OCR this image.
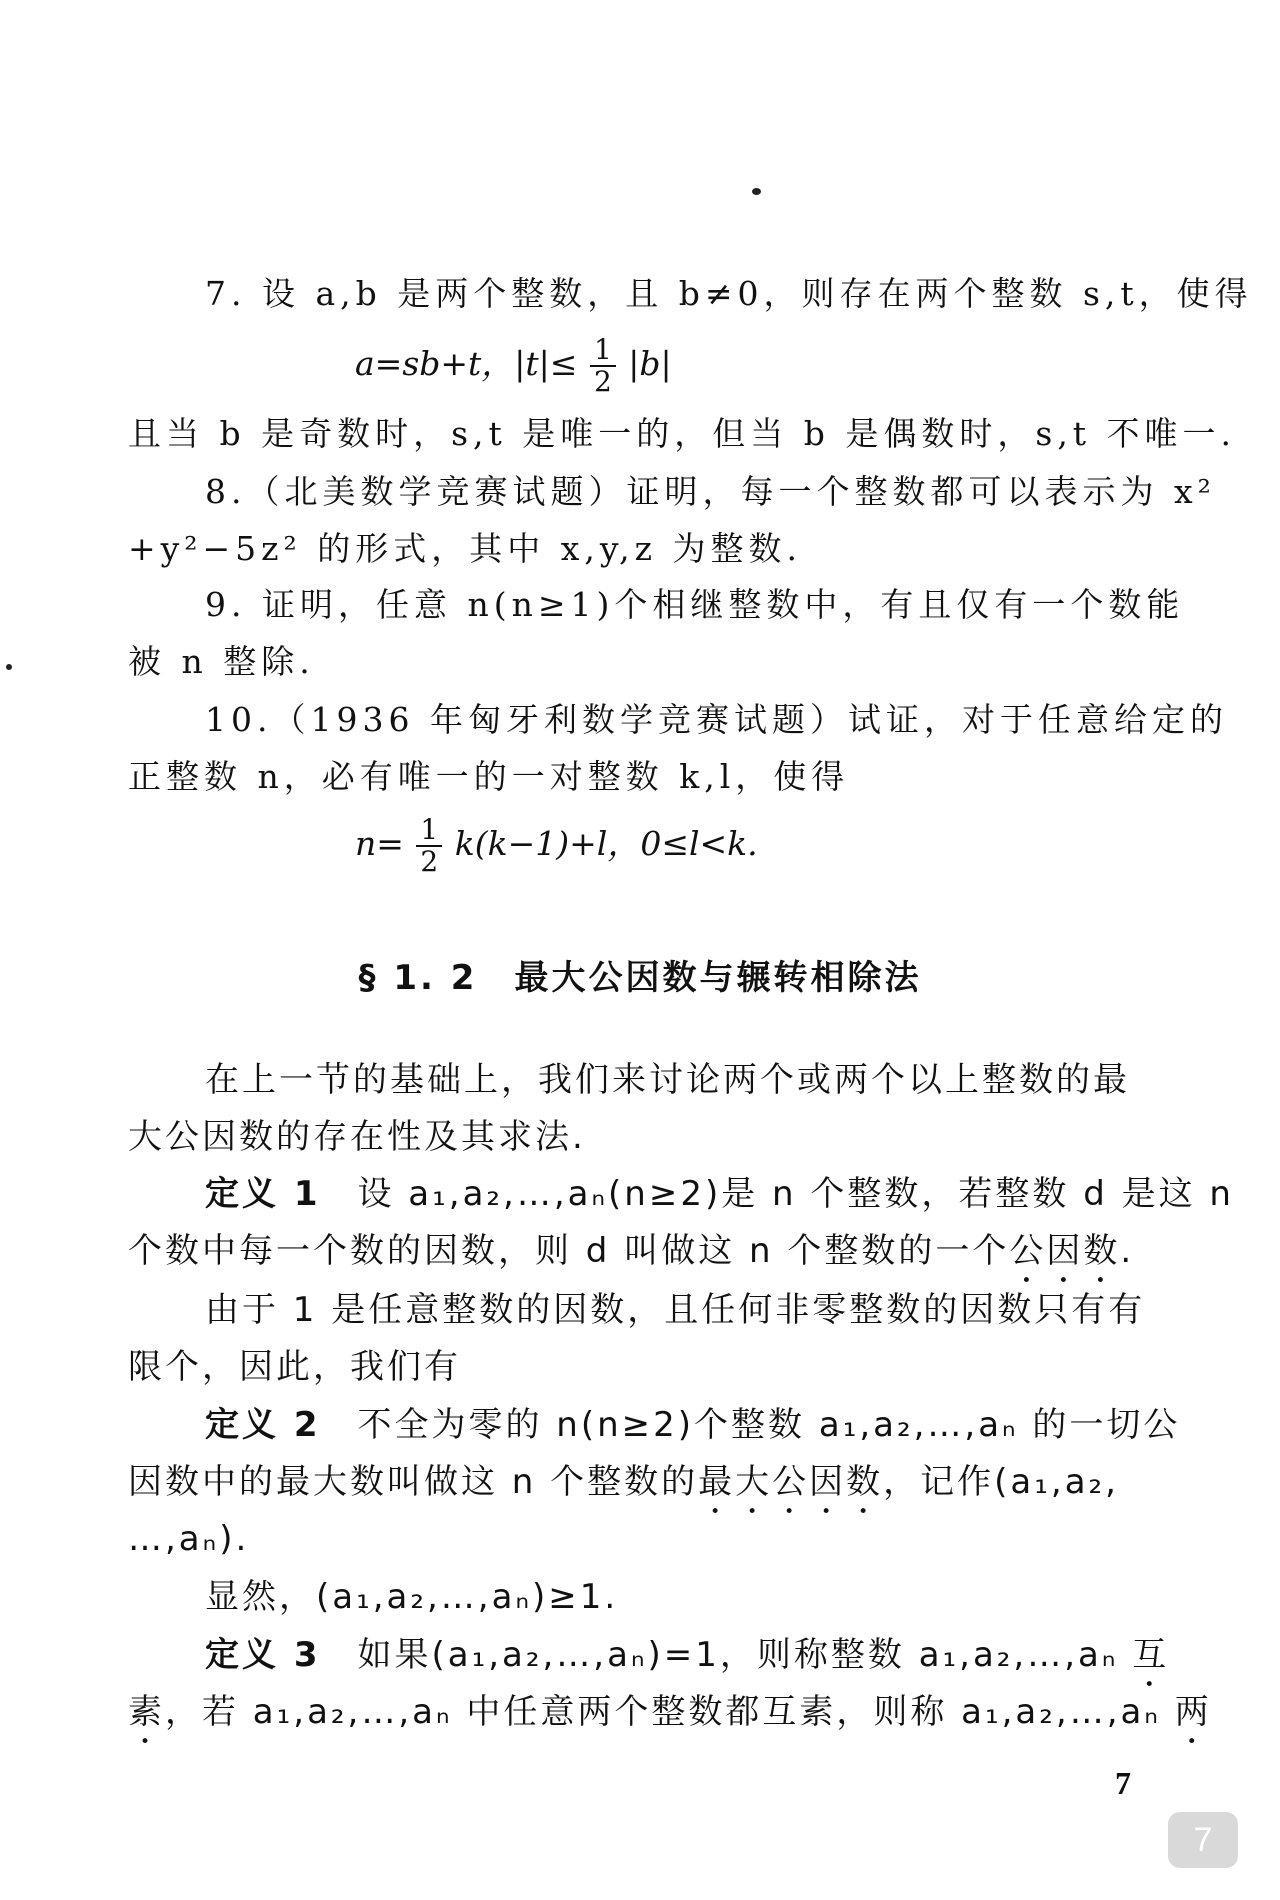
7. 设 a,b 是两个整数，且 b≠0，则存在两个整数 s,t，使得
a=sb+t，$|t|\le \frac{1}{2} |b|$
且当 b 是奇数时，s,t 是唯一的，但当 b 是偶数时，s,t 不唯一.
8.（北美数学竞赛试题）证明，每一个整数都可以表示为 x²
+y²−5z² 的形式，其中 x,y,z 为整数.
9. 证明，任意 n(n≥1)个相继整数中，有且仅有一个数能
被 n 整除.
10.（1936 年匈牙利数学竞赛试题）试证，对于任意给定的
正整数 n，必有唯一的一对整数 k,l，使得
$n= \frac{1}{2} k(k-1)+l$，0≤l<k.
§ 1. 2　最大公因数与辗转相除法
在上一节的基础上，我们来讨论两个或两个以上整数的最
大公因数的存在性及其求法.
定义 1　设 a₁,a₂,…,aₙ(n≥2)是 n 个整数，若整数 d 是这 n
个数中每一个数的因数，则 d 叫做这 n 个整数的一个公因数.
由于 1 是任意整数的因数，且任何非零整数的因数只有有
限个，因此，我们有
定义 2　不全为零的 n(n≥2)个整数 a₁,a₂,…,aₙ 的一切公
因数中的最大数叫做这 n 个整数的最大公因数，记作(a₁,a₂,
…,aₙ).
显然，(a₁,a₂,…,aₙ)≥1.
定义 3　如果(a₁,a₂,…,aₙ)=1，则称整数 a₁,a₂,…,aₙ 互
素，若 a₁,a₂,…,aₙ 中任意两个整数都互素，则称 a₁,a₂,…,aₙ 两
7
7
